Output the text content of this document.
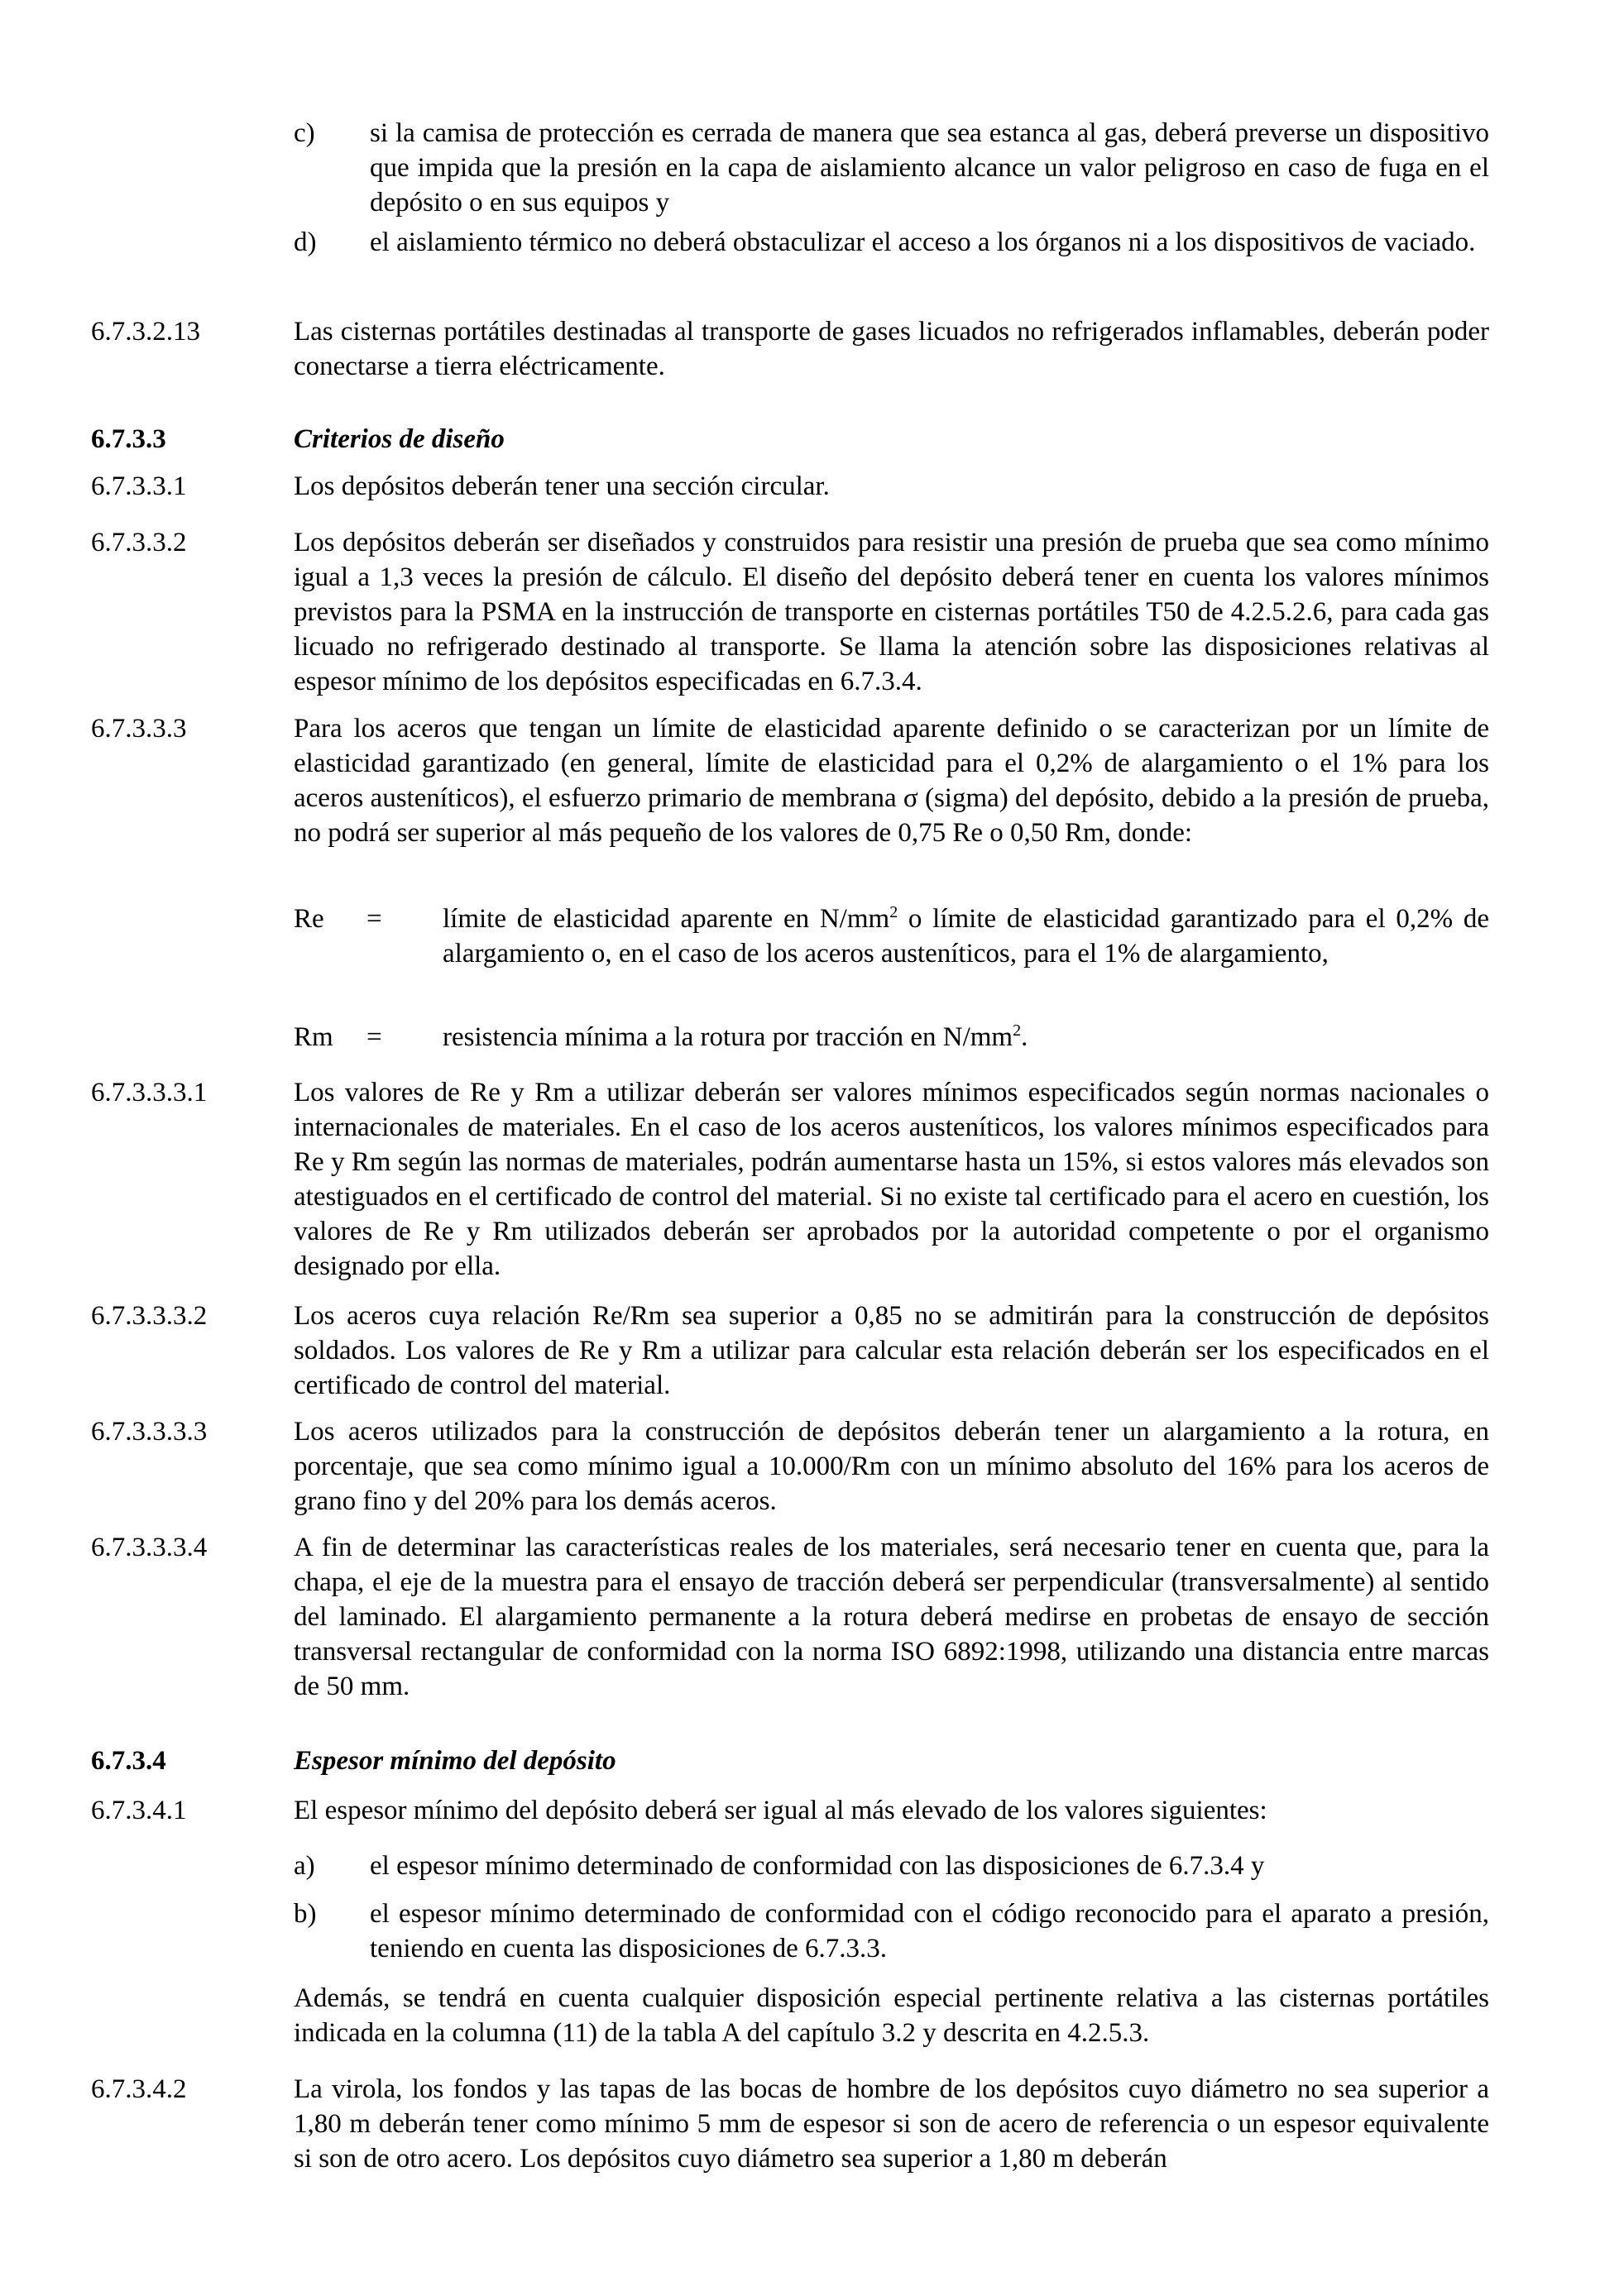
c)	si la camisa de protección es cerrada de manera que sea estanca al gas, deberá preverse un dispositivo que impida que la presión en la capa de aislamiento alcance un valor peligroso en caso de fuga en el depósito o en sus equipos y
d)	el aislamiento térmico no deberá obstaculizar el acceso a los órganos ni a los dispositivos de vaciado.
6.7.3.2.13	Las cisternas portátiles destinadas al transporte de gases licuados no refrigerados inflamables, deberán poder conectarse a tierra eléctricamente.
6.7.3.3	Criterios de diseño
6.7.3.3.1	Los depósitos deberán tener una sección circular.
6.7.3.3.2	Los depósitos deberán ser diseñados y construidos para resistir una presión de prueba que sea como mínimo igual a 1,3 veces la presión de cálculo. El diseño del depósito deberá tener en cuenta los valores mínimos previstos para la PSMA en la instrucción de transporte en cisternas portátiles T50 de 4.2.5.2.6, para cada gas licuado no refrigerado destinado al transporte. Se llama la atención sobre las disposiciones relativas al espesor mínimo de los depósitos especificadas en 6.7.3.4.
6.7.3.3.3	Para los aceros que tengan un límite de elasticidad aparente definido o se caracterizan por un límite de elasticidad garantizado (en general, límite de elasticidad para el 0,2% de alargamiento o el 1% para los aceros austeníticos), el esfuerzo primario de membrana σ (sigma) del depósito, debido a la presión de prueba, no podrá ser superior al más pequeño de los valores de 0,75 Re o 0,50 Rm, donde:
Re	=	límite de elasticidad aparente en $N/mm^2$ o límite de elasticidad garantizado para el 0,2% de alargamiento o, en el caso de los aceros austeníticos, para el 1% de alargamiento,
Rm	=	resistencia mínima a la rotura por tracción en $N/mm^2$.
6.7.3.3.3.1	Los valores de Re y Rm a utilizar deberán ser valores mínimos especificados según normas nacionales o internacionales de materiales. En el caso de los aceros austeníticos, los valores mínimos especificados para Re y Rm según las normas de materiales, podrán aumentarse hasta un 15%, si estos valores más elevados son atestiguados en el certificado de control del material. Si no existe tal certificado para el acero en cuestión, los valores de Re y Rm utilizados deberán ser aprobados por la autoridad competente o por el organismo designado por ella.
6.7.3.3.3.2	Los aceros cuya relación Re/Rm sea superior a 0,85 no se admitirán para la construcción de depósitos soldados. Los valores de Re y Rm a utilizar para calcular esta relación deberán ser los especificados en el certificado de control del material.
6.7.3.3.3.3	Los aceros utilizados para la construcción de depósitos deberán tener un alargamiento a la rotura, en porcentaje, que sea como mínimo igual a 10.000/Rm con un mínimo absoluto del 16% para los aceros de grano fino y del 20% para los demás aceros.
6.7.3.3.3.4	A fin de determinar las características reales de los materiales, será necesario tener en cuenta que, para la chapa, el eje de la muestra para el ensayo de tracción deberá ser perpendicular (transversalmente) al sentido del laminado. El alargamiento permanente a la rotura deberá medirse en probetas de ensayo de sección transversal rectangular de conformidad con la norma ISO 6892:1998, utilizando una distancia entre marcas de 50 mm.
6.7.3.4	Espesor mínimo del depósito
6.7.3.4.1	El espesor mínimo del depósito deberá ser igual al más elevado de los valores siguientes:
a)	el espesor mínimo determinado de conformidad con las disposiciones de 6.7.3.4 y
b)	el espesor mínimo determinado de conformidad con el código reconocido para el aparato a presión, teniendo en cuenta las disposiciones de 6.7.3.3.
Además, se tendrá en cuenta cualquier disposición especial pertinente relativa a las cisternas portátiles indicada en la columna (11) de la tabla A del capítulo 3.2 y descrita en 4.2.5.3.
6.7.3.4.2	La virola, los fondos y las tapas de las bocas de hombre de los depósitos cuyo diámetro no sea superior a 1,80 m deberán tener como mínimo 5 mm de espesor si son de acero de referencia o un espesor equivalente si son de otro acero. Los depósitos cuyo diámetro sea superior a 1,80 m deberán
